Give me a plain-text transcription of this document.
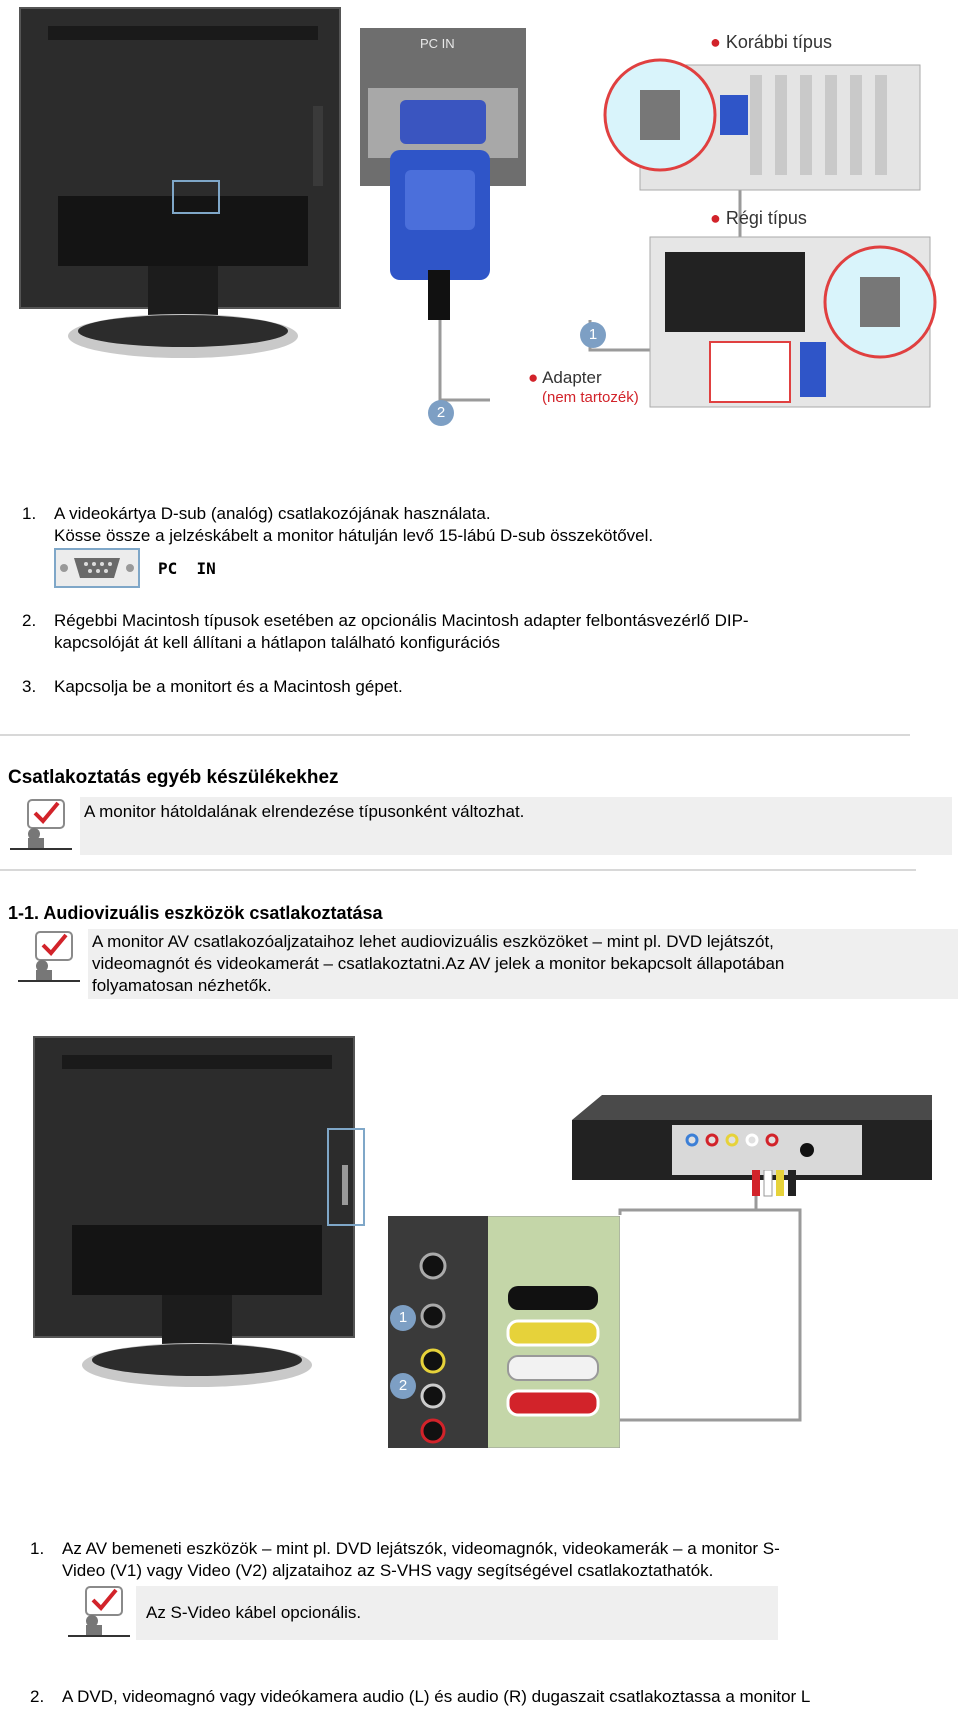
PC IN	● Korábbi típus
● Régi típus
● Adapter
(nem tartozék)
1
2
1. A videokártya D-sub (analóg) csatlakozójának használata.
Kösse össze a jelzéskábelt a monitor hátulján levő 15-lábú D-sub összekötővel.
PC  IN
2. Régebbi Macintosh típusok esetében az opcionális Macintosh adapter felbontásvezérlő DIP-
kapcsolóját át kell állítani a hátlapon található konfigurációs
3. Kapcsolja be a monitort és a Macintosh gépet.
Csatlakoztatás egyéb készülékekhez
A monitor hátoldalának elrendezése típusonként változhat.
1-1. Audiovizuális eszközök csatlakoztatása
A monitor AV csatlakozóaljzataihoz lehet audiovizuális eszközöket – mint pl. DVD lejátszót,
videomagnót és videokamerát – csatlakoztatni.Az AV jelek a monitor bekapcsolt állapotában
folyamatosan nézhetők.
1
2
1. Az AV bemeneti eszközök – mint pl. DVD lejátszók, videomagnók, videokamerák – a monitor S-
Video (V1) vagy Video (V2) aljzataihoz az S-VHS vagy segítségével csatlakoztathatók.
Az S-Video kábel opcionális.
2. A DVD, videomagnó vagy videókamera audio (L) és audio (R) dugaszait csatlakoztassa a monitor L
